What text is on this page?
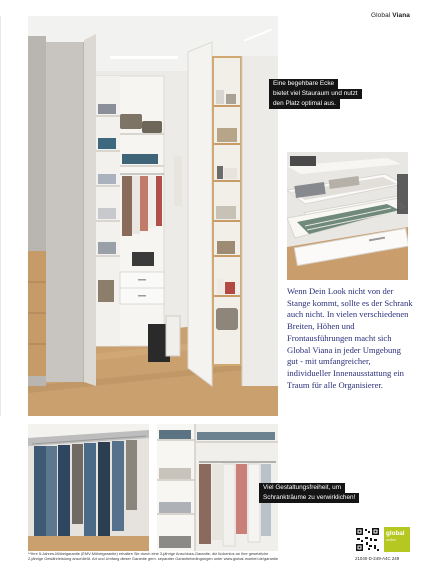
Global Viana
Eine begehbare Ecke
bietet viel Stauraum und nutzt
den Platz optimal aus.
Wenn Dein Look nicht von der Stange kommt, sollte es der Schrank auch nicht. In vielen verschiedenen Breiten, Höhen und Frontausführungen macht sich Global Viana in jeder Umgebung gut - mit umfangreicher, individueller Innenausstattung ein Traum für alle Organisierer.
Viel Gestaltungsfreiheit, um
Schrankträume zu verwirklichen!
global
möbel
**Ihre 5-Jahres-Möbelgarantie (EMV-Möbelgarantie) erhalten Sie durch eine 3-jährige Anschluss-Garantie, die lückenlos an Ihre gesetzliche
2-jährige Gewährleistung anschließt. Art und Umfang dieser Garantie gem. separater Garantiebedingungen unter www.global-moebel.de/garantie	21040-D-249-A4C 249
